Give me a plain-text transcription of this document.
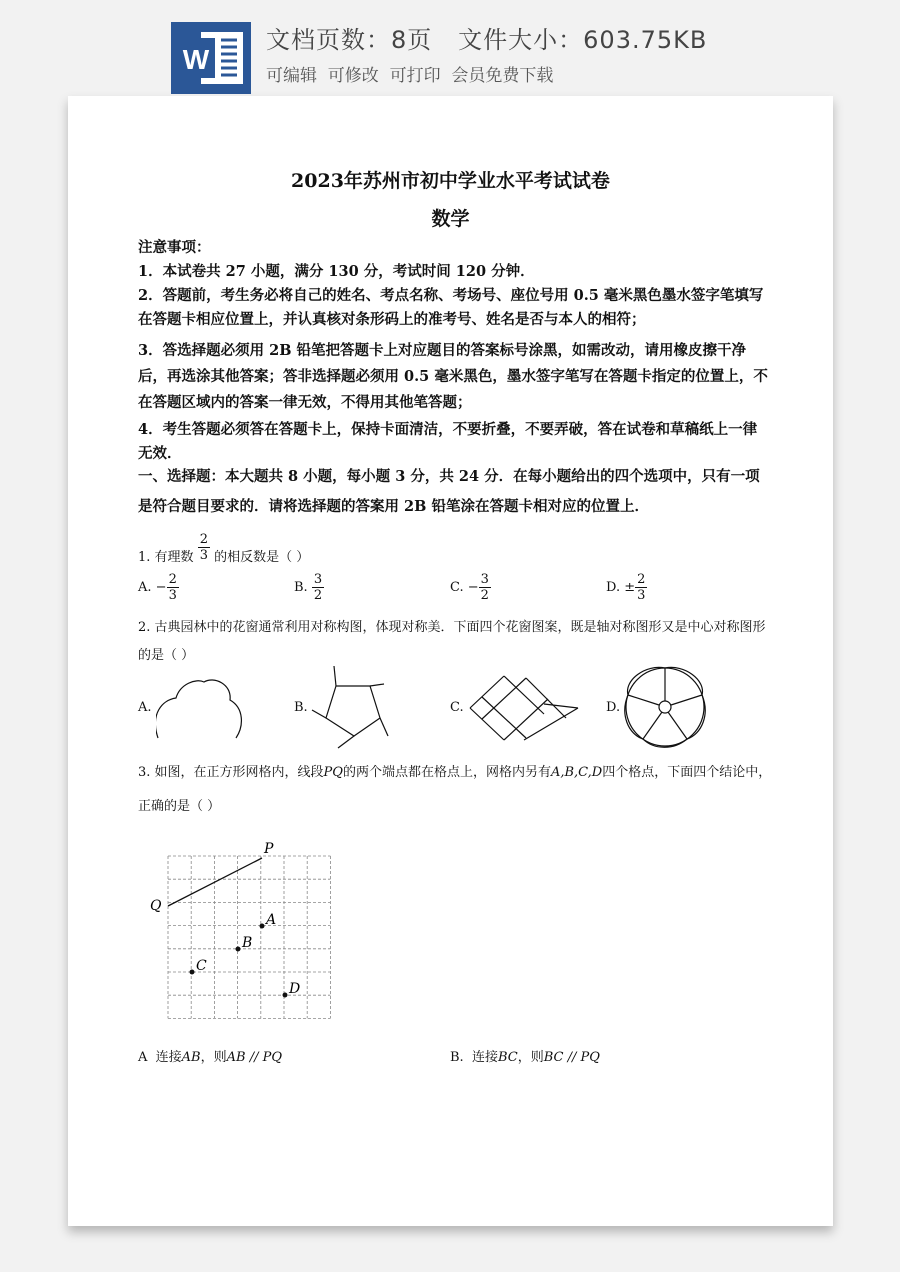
W
文档页数：8页   文件大小：603.75KB
可编辑  可修改  可打印  会员免费下载
2023年苏州市初中学业水平考试试卷
数学
注意事项：
1．本试卷共 27 小题，满分 130 分，考试时间 120 分钟．
2．答题前，考生务必将自己的姓名、考点名称、考场号、座位号用 0.5 毫米黑色墨水签字笔填写在答题卡相应位置上，并认真核对条形码上的准考号、姓名是否与本人的相符；
3．答选择题必须用 2B 铅笔把答题卡上对应题目的答案标号涂黑，如需改动，请用橡皮擦干净后，再选涂其他答案；答非选择题必须用 0.5 毫米黑色，墨水签字笔写在答题卡指定的位置上，不在答题区域内的答案一律无效，不得用其他笔答题；
4．考生答题必须答在答题卡上，保持卡面清洁，不要折叠，不要弄破，答在试卷和草稿纸上一律无效．
一、选择题：本大题共 8 小题，每小题 3 分，共 24 分．在每小题给出的四个选项中，只有一项是符合题目要求的．请将选择题的答案用 2B 铅笔涂在答题卡相对应的位置上．
1. 有理数 $\frac{2}{3}$ 的相反数是（ ）
A. − $\frac{2}{3}$	B. $\frac{3}{2}$	C. − $\frac{3}{2}$	D. ± $\frac{2}{3}$
2. 古典园林中的花窗通常利用对称构图，体现对称美．下面四个花窗图案，既是轴对称图形又是中心对称图形的是（ ）
A.	B.	C.	D.
3. 如图，在正方形网格内，线段PQ的两个端点都在格点上，网格内另有A,B,C,D四个格点，下面四个结论中，正确的是（ ）
P
Q
A
B
C
D
A 连接AB，则AB // PQ	B. 连接BC，则BC // PQ
